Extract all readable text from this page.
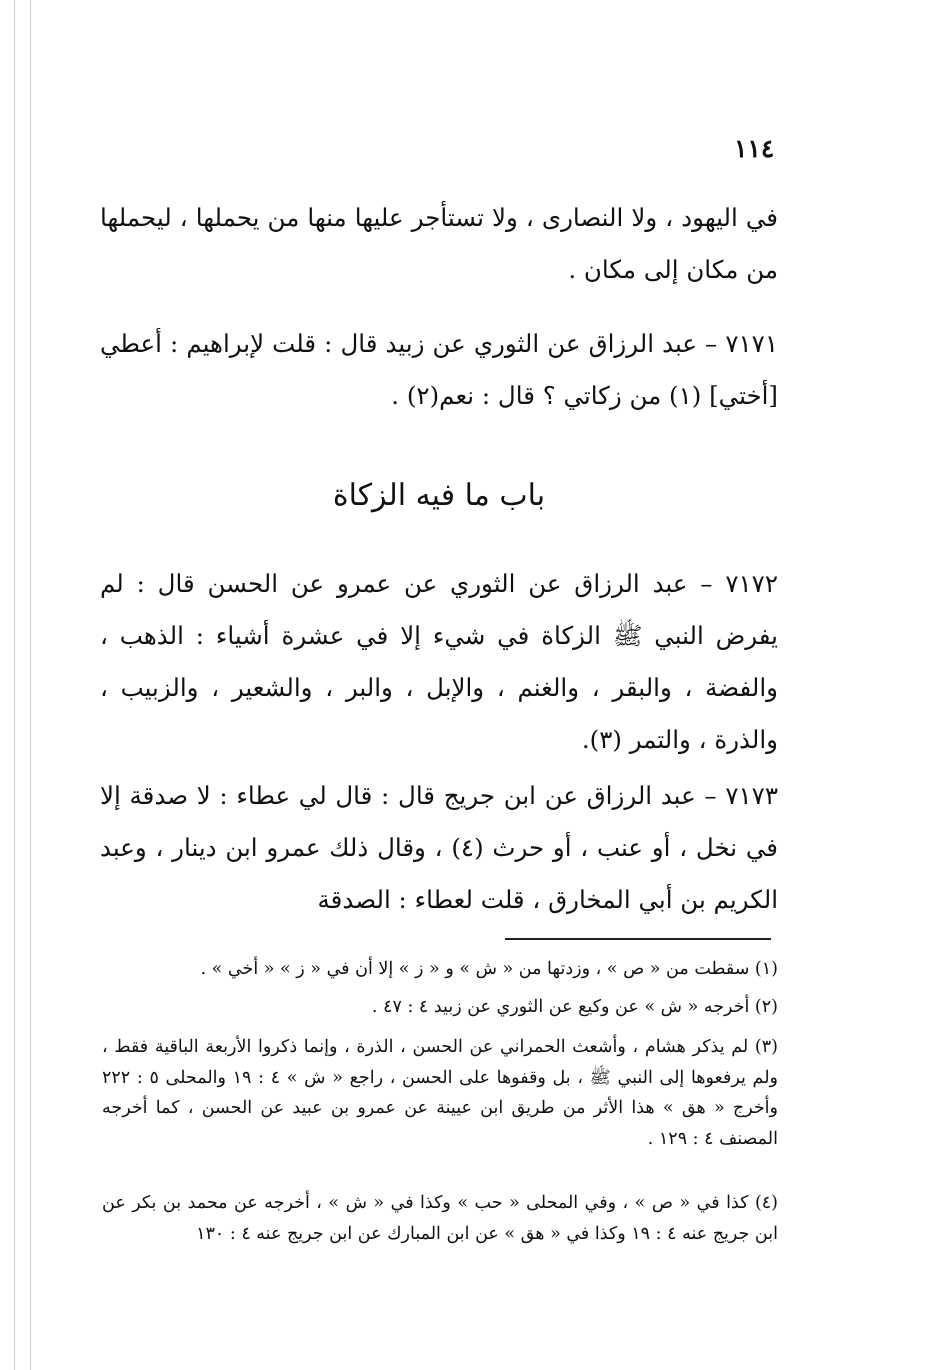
١١٤

في اليهود ، ولا النصارى ، ولا تستأجر عليها منها من يحملها ، ليحملها من مكان إلى مكان .

٧١٧١ – عبد الرزاق عن الثوري عن زبيد قال : قلت لإبراهيم : أعطي [أختي] (١) من زكاتي ؟ قال : نعم(٢) .

باب ما فيه الزكاة

٧١٧٢ – عبد الرزاق عن الثوري عن عمرو عن الحسن قال : لم يفرض النبي ﷺ الزكاة في شيء إلا في عشرة أشياء : الذهب ، والفضة ، والبقر ، والغنم ، والإبل ، والبر ، والشعير ، والزبيب ، والذرة ، والتمر (٣).

٧١٧٣ – عبد الرزاق عن ابن جريج قال : قال لي عطاء : لا صدقة إلا في نخل ، أو عنب ، أو حرث (٤) ، وقال ذلك عمرو ابن دينار ، وعبد الكريم بن أبي المخارق ، قلت لعطاء : الصدقة

(١) سقطت من « ص » ، وزدتها من « ش » و « ز » إلا أن في « ز » « أخي » .

(٢) أخرجه « ش » عن وكيع عن الثوري عن زبيد ٤ : ٤٧ .

(٣) لم يذكر هشام ، وأشعث الحمراني عن الحسن ، الذرة ، وإنما ذكروا الأربعة الباقية فقط ، ولم يرفعوها إلى النبي ﷺ ، بل وقفوها على الحسن ، راجع « ش » ٤ : ١٩ والمحلى ٥ : ٢٢٢ وأخرج « هق » هذا الأثر من طريق ابن عيينة عن عمرو بن عبيد عن الحسن ، كما أخرجه المصنف ٤ : ١٢٩ .

(٤) كذا في « ص » ، وفي المحلى « حب » وكذا في « ش » ، أخرجه عن محمد بن بكر عن ابن جريج عنه ٤ : ١٩ وكذا في « هق » عن ابن المبارك عن ابن جريج عنه ٤ : ١٣٠
